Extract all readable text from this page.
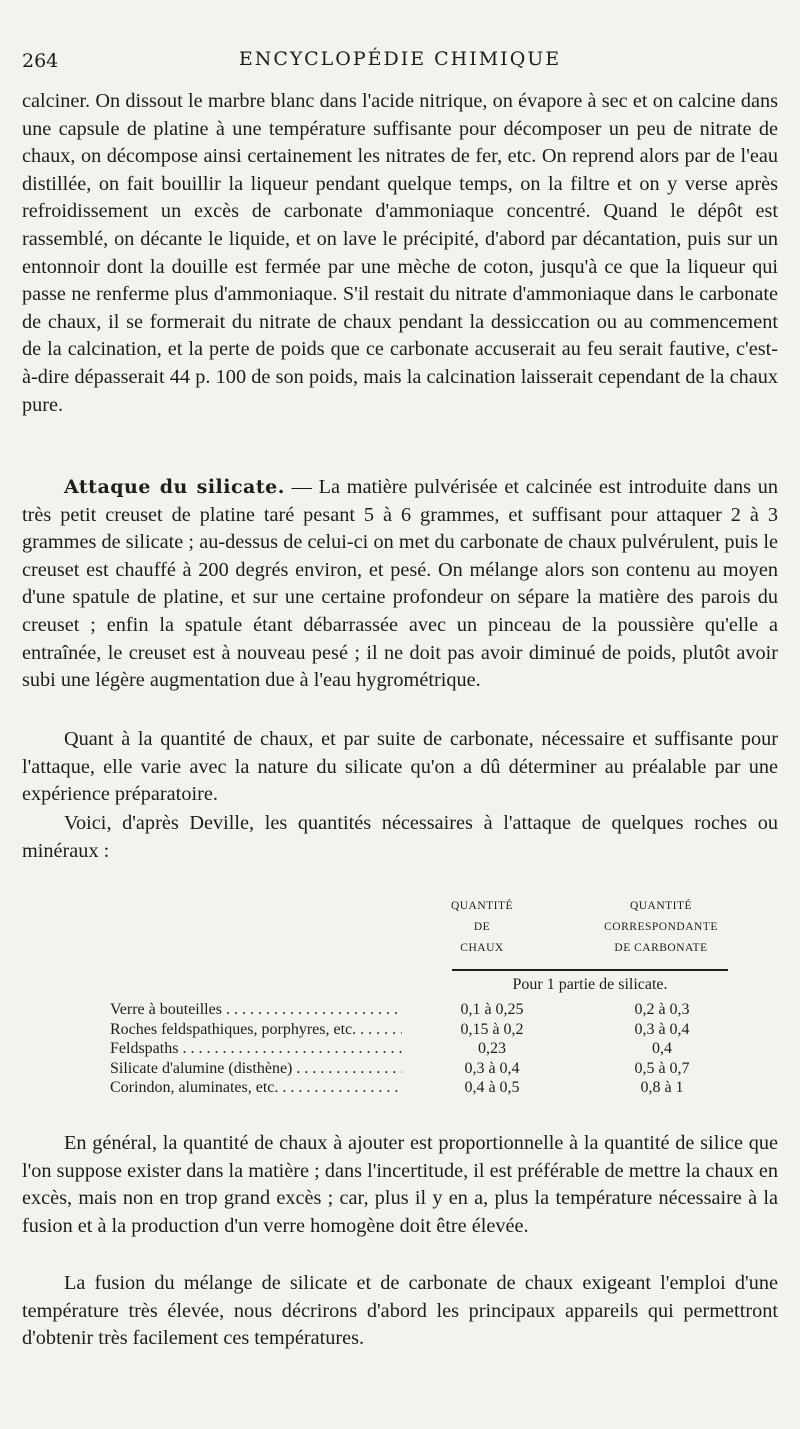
264	ENCYCLOPÉDIE CHIMIQUE

calciner. On dissout le marbre blanc dans l'acide nitrique, on évapore à sec et on calcine dans une capsule de platine à une température suffisante pour décomposer un peu de nitrate de chaux, on décompose ainsi certainement les nitrates de fer, etc. On reprend alors par de l'eau distillée, on fait bouillir la liqueur pendant quelque temps, on la filtre et on y verse après refroidissement un excès de carbonate d'ammoniaque concentré. Quand le dépôt est rassemblé, on décante le liquide, et on lave le précipité, d'abord par décantation, puis sur un entonnoir dont la douille est fermée par une mèche de coton, jusqu'à ce que la liqueur qui passe ne renferme plus d'ammoniaque. S'il restait du nitrate d'ammoniaque dans le carbonate de chaux, il se formerait du nitrate de chaux pendant la dessiccation ou au commencement de la calcination, et la perte de poids que ce carbonate accuserait au feu serait fautive, c'est-à-dire dépasserait 44 p. 100 de son poids, mais la calcination laisserait cependant de la chaux pure.

Attaque du silicate. — La matière pulvérisée et calcinée est introduite dans un très petit creuset de platine taré pesant 5 à 6 grammes, et suffisant pour attaquer 2 à 3 grammes de silicate ; au-dessus de celui-ci on met du carbonate de chaux pulvérulent, puis le creuset est chauffé à 200 degrés environ, et pesé. On mélange alors son contenu au moyen d'une spatule de platine, et sur une certaine profondeur on sépare la matière des parois du creuset ; enfin la spatule étant débarrassée avec un pinceau de la poussière qu'elle a entraînée, le creuset est à nouveau pesé ; il ne doit pas avoir diminué de poids, plutôt avoir subi une légère augmentation due à l'eau hygrométrique.

Quant à la quantité de chaux, et par suite de carbonate, nécessaire et suffisante pour l'attaque, elle varie avec la nature du silicate qu'on a dû déterminer au préalable par une expérience préparatoire.

Voici, d'après Deville, les quantités nécessaires à l'attaque de quelques roches ou minéraux :

QUANTITÉ
DE
CHAUX
QUANTITÉ
CORRESPONDANTE
DE CARBONATE
Pour 1 partie de silicate.
Verre à bouteilles . . .	0,1 à 0,25	0,2 à 0,3
Roches feldspathiques, porphyres, etc. . . .	0,15 à 0,2	0,3 à 0,4
Feldspaths . . .	0,23	0,4
Silicate d'alumine (disthène) . . .	0,3 à 0,4	0,5 à 0,7
Corindon, aluminates, etc. . . .	0,4 à 0,5	0,8 à 1

En général, la quantité de chaux à ajouter est proportionnelle à la quantité de silice que l'on suppose exister dans la matière ; dans l'incertitude, il est préférable de mettre la chaux en excès, mais non en trop grand excès ; car, plus il y en a, plus la température nécessaire à la fusion et à la production d'un verre homogène doit être élevée.

La fusion du mélange de silicate et de carbonate de chaux exigeant l'emploi d'une température très élevée, nous décrirons d'abord les principaux appareils qui permettront d'obtenir très facilement ces températures.
